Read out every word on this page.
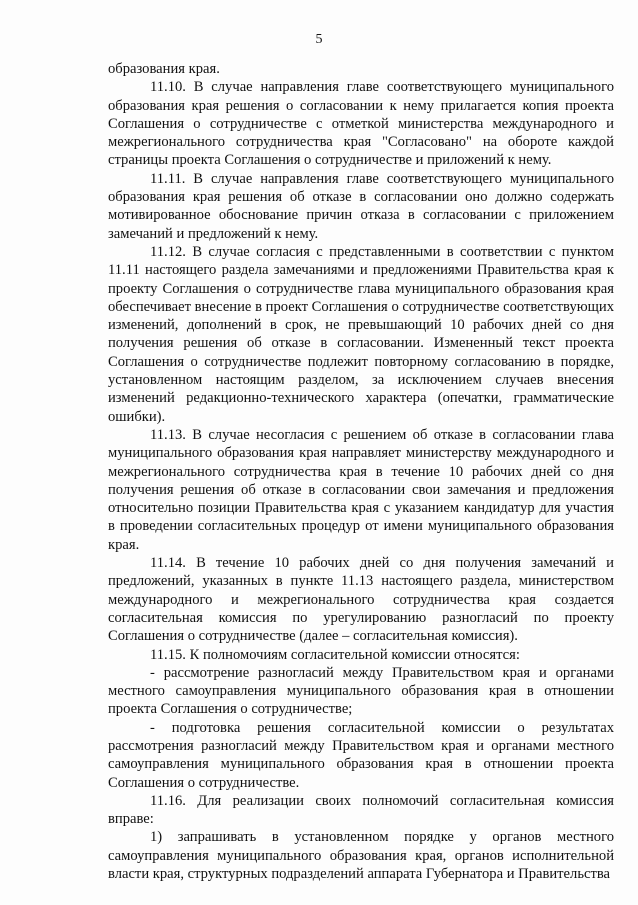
5

образования края.

11.10. В случае направления главе соответствующего муниципального образования края решения о согласовании к нему прилагается копия проекта Соглашения о сотрудничестве с отметкой министерства международного и межрегионального сотрудничества края "Согласовано" на обороте каждой страницы проекта Соглашения о сотрудничестве и приложений к нему.

11.11. В случае направления главе соответствующего муниципального образования края решения об отказе в согласовании оно должно содержать мотивированное обоснование причин отказа в согласовании с приложением замечаний и предложений к нему.

11.12. В случае согласия с представленными в соответствии с пунктом 11.11 настоящего раздела замечаниями и предложениями Правительства края к проекту Соглашения о сотрудничестве глава муниципального образования края обеспечивает внесение в проект Соглашения о сотрудничестве соответствующих изменений, дополнений в срок, не превышающий 10 рабочих дней со дня получения решения об отказе в согласовании. Измененный текст проекта Соглашения о сотрудничестве подлежит повторному согласованию в порядке, установленном настоящим разделом, за исключением случаев внесения изменений редакционно-технического характера (опечатки, грамматические ошибки).

11.13. В случае несогласия с решением об отказе в согласовании глава муниципального образования края направляет министерству международного и межрегионального сотрудничества края в течение 10 рабочих дней со дня получения решения об отказе в согласовании свои замечания и предложения относительно позиции Правительства края с указанием кандидатур для участия в проведении согласительных процедур от имени муниципального образования края.

11.14. В течение 10 рабочих дней со дня получения замечаний и предложений, указанных в пункте 11.13 настоящего раздела, министерством международного и межрегионального сотрудничества края создается согласительная комиссия по урегулированию разногласий по проекту Соглашения о сотрудничестве (далее – согласительная комиссия).

11.15. К полномочиям согласительной комиссии относятся:

- рассмотрение разногласий между Правительством края и органами местного самоуправления муниципального образования края в отношении проекта Соглашения о сотрудничестве;

- подготовка решения согласительной комиссии о результатах рассмотрения разногласий между Правительством края и органами местного самоуправления муниципального образования края в отношении проекта Соглашения о сотрудничестве.

11.16. Для реализации своих полномочий согласительная комиссия вправе:

1) запрашивать в установленном порядке у органов местного самоуправления муниципального образования края, органов исполнительной власти края, структурных подразделений аппарата Губернатора и Правительства
